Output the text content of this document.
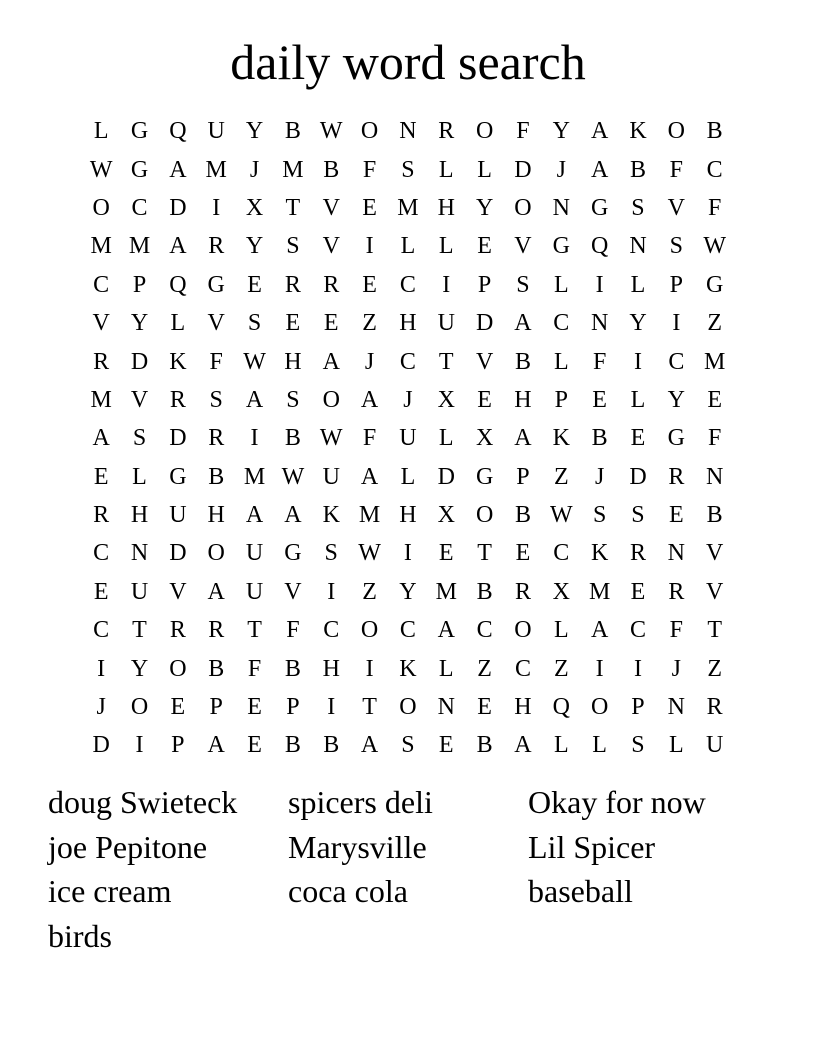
daily word search
L G Q U Y B W O N R O F Y A K O B
W G A M J M B F	S	L L D	J	A B F C
O C D	I	X T V E M H Y O N G S V F
M M A R Y S V	I	L L E V G Q N S W
C P Q G E R R E C	I	P	S	L	I	L	P G
V Y L V S	E E Z H U D A C N Y	I	Z
R D K F W H A	J	C T V B L	F	I	C M
M V R S A S O A	J	X E H P	E L Y E
A S D R	I	B W F U L X A K B E G F
E L G B M W U A L D G P	Z	J	D R N
R H U H A A K M H X O B W S	S	E B
C N D O U G S W I	E T E C K R N V
E U V A U V	I	Z Y M B R X M E R V
C T R R T	F C O C A C O L A C F	T
I	Y O B F B H	I	K L Z C Z	I	I	J	Z
J	O E	P	E	P	I	T O N E H Q O P N R
D	I	P A E B B A S	E B A L L	S	L U
doug Swieteck	spicers deli	Okay for now
joe Pepitone	Marysville	Lil Spicer
ice cream	coca cola	baseball
birds
